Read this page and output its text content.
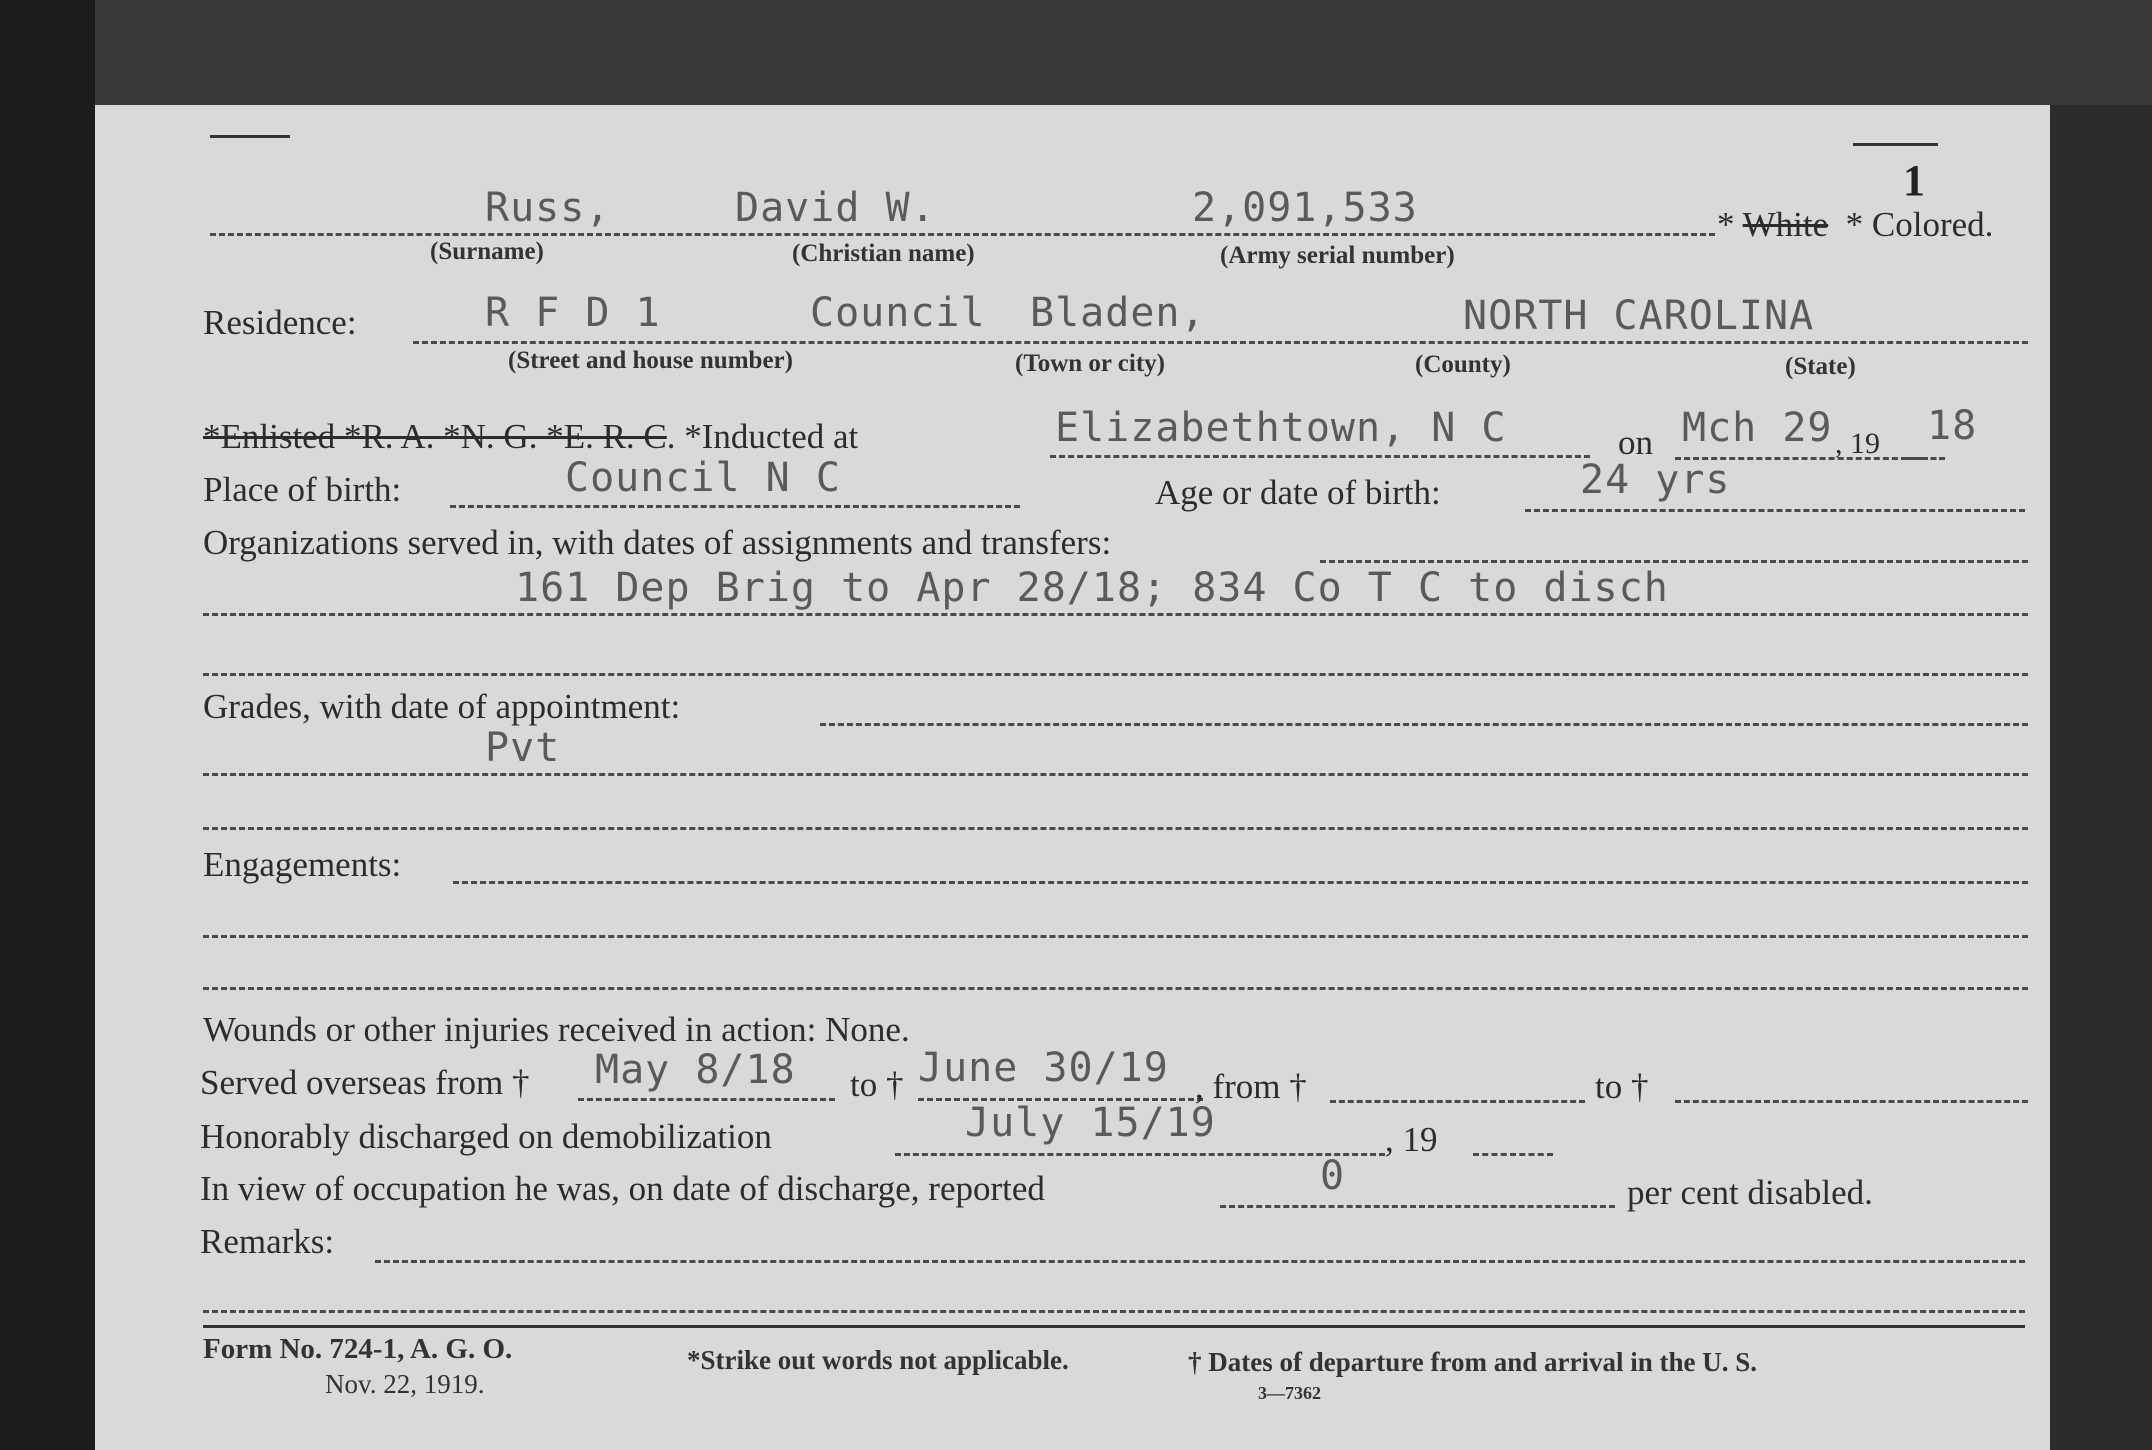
1
Russ,	David W.	2,091,533	* White * Colored.
(Surname)	(Christian name)	(Army serial number)
Residence:	R F D 1	Council Bladen,	NORTH CAROLINA
(Street and house number)	(Town or city)	(County)	(State)
*Enlisted *R. A. *N. G. *E. R. C. *Inducted at	Elizabethtown, N C	on Mch 29 , 19 18
Place of birth:	Council N C	Age or date of birth:	24 yrs
Organizations served in, with dates of assignments and transfers:
161 Dep Brig to Apr 28/18; 834 Co T C to disch
Grades, with date of appointment:
Pvt
Engagements:
Wounds or other injuries received in action: None.
Served overseas from † May 8/18 to † June 30/19 , from †	to †
Honorably discharged on demobilization	July 15/19	, 19
In view of occupation he was, on date of discharge, reported	0	per cent disabled.
Remarks:
Form No. 724-1, A. G. O.
Nov. 22, 1919.
*Strike out words not applicable.	† Dates of departure from and arrival in the U. S.
3—7362
